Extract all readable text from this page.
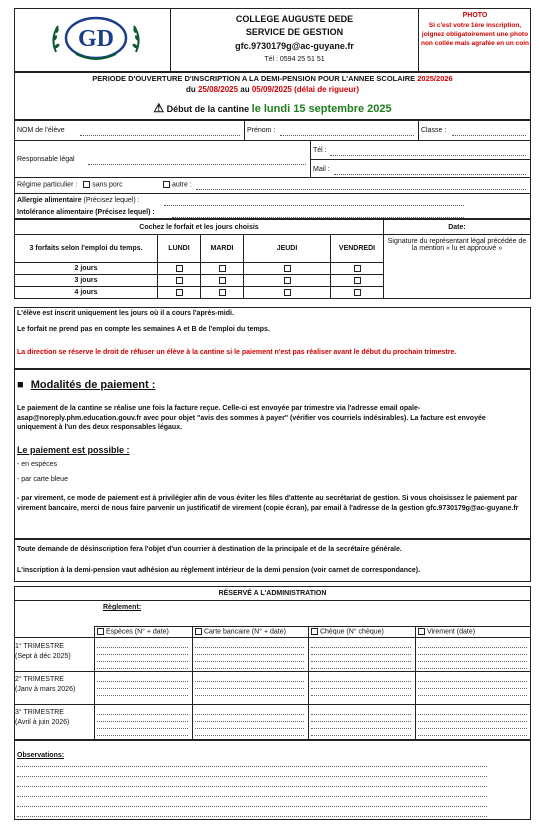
GD
COLLEGE AUGUSTE DEDE
SERVICE DE GESTION
gfc.9730179g@ac-guyane.fr
Tél : 0594 25 51 51
PHOTO
Si c'est votre 1ère inscription, joignez obligatoirement une photo non collée mais agrafée en un coin
PERIODE D'OUVERTURE D'INSCRIPTION A LA DEMI-PENSION POUR L'ANNEE SCOLAIRE 2025/2026
du 25/08/2025 au 05/09/2025 (délai de rigueur)
⚠ Début de la cantine le lundi 15 septembre 2025
NOM de l'élève	Prénom :	Classe :
Responsable légal
Tél :
Mail :
Régime particulier : sans porc	autre :
Allergie alimentaire (Précisez lequel) :
Intolérance alimentaire (Précisez lequel) :
Cochez le forfait et les jours choisis					Date:
3 forfaits selon l'emploi du temps.	LUNDI	MARDI	JEUDI	VENDREDI	Signature du représentant légal précédée de la mention « lu et approuvé »
2 jours					
3 jours					
4 jours					
L'élève est inscrit uniquement les jours où il a cours l'après-midi.
Le forfait ne prend pas en compte les semaines A et B de l'emploi du temps.
La direction se réserve le droit de réfuser un élève à la cantine si le paiement n'est pas réaliser avant le début du prochain trimestre.
■ Modalités de paiement :
Le paiement de la cantine se réalise une fois la facture reçue. Celle-ci est envoyée par trimestre via l'adresse email opale-asap@noreply.phm.education.gouv.fr avec pour objet "avis des sommes à payer" (vérifier vos courriels indésirables). La facture est envoyée uniquement à l'un des deux responsables légaux.
Le paiement est possible :
- en espèces
- par carte bleue
- par virement, ce mode de paiement est à privilégier afin de vous éviter les files d'attente au secrétariat de gestion. Si vous choisissez le paiement par virement bancaire, merci de nous faire parvenir un justificatif de virement (copie écran), par email à l'adresse de la gestion gfc.9730179g@ac-guyane.fr
Toute demande de désinscription fera l'objet d'un courrier à destination de la principale et de la secrétaire générale.
L'inscription à la demi-pension vaut adhésion au règlement intérieur de la demi pension (voir carnet de correspondance).
RÉSERVÉ A L'ADMINISTRATION
Règlement:
Espèces (N° + date)	Carte bancaire (N° + date)	Chèque (N° chèque)	Virement (date)
1° TRIMESTRE
(Sept à déc 2025)
2° TRIMESTRE
(Janv à mars 2026)
3° TRIMESTRE
(Avril à juin 2026)
Observations:
